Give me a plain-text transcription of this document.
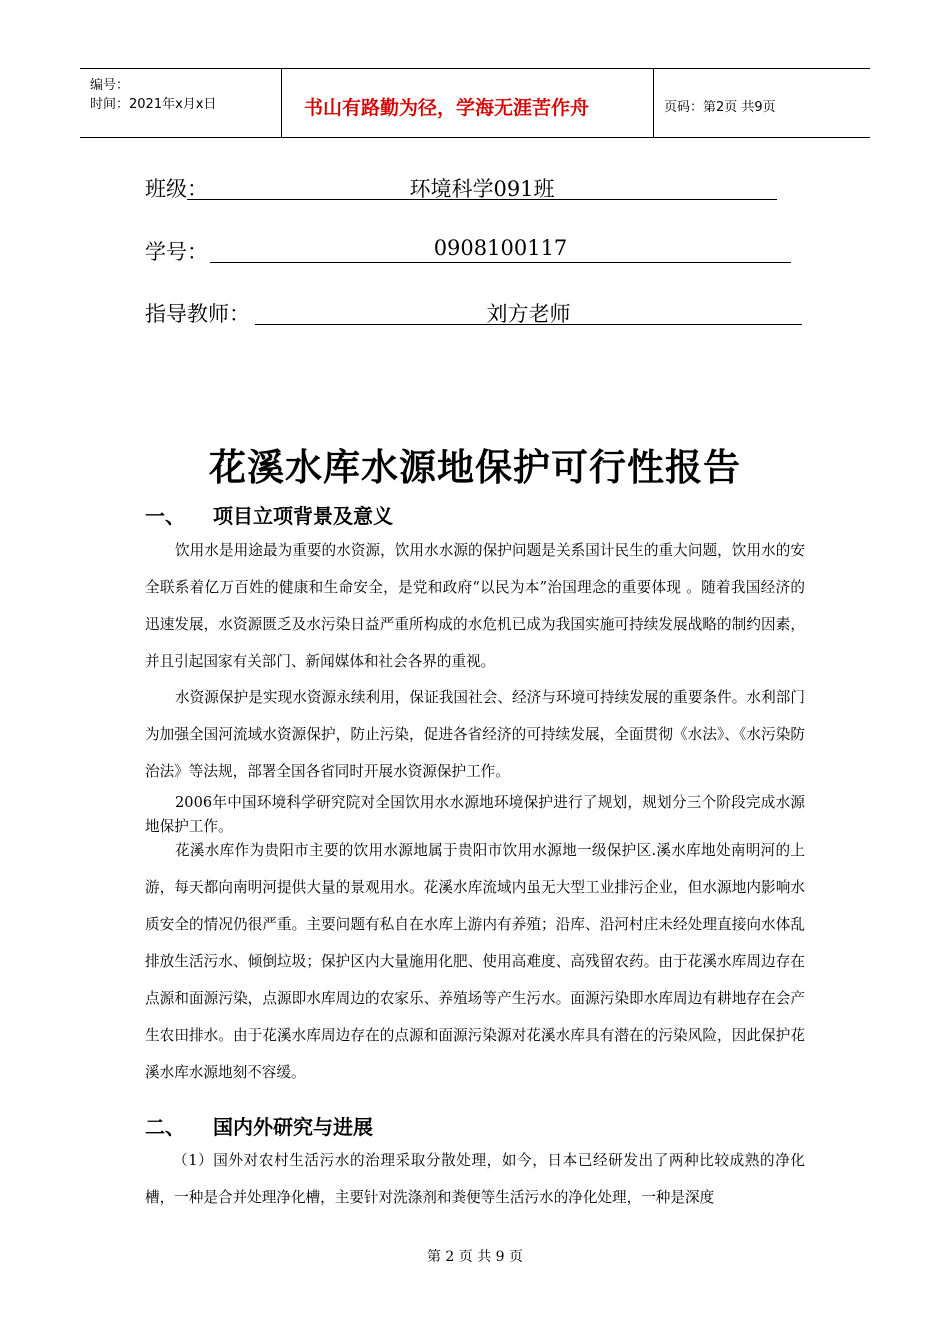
编号：
时间：2021年x月x日	书山有路勤为径，学海无涯苦作舟	页码：第2页 共9页
班级：	环境科学091班
学号：	0908100117
指导教师：	刘方老师
花溪水库水源地保护可行性报告
一、 项目立项背景及意义
饮用水是用途最为重要的水资源，饮用水水源的保护问题是关系国计民生的重大问题，饮用水的安全联系着亿万百姓的健康和生命安全，是党和政府“以民为本”治国理念的重要体现 。随着我国经济的迅速发展，水资源匮乏及水污染日益严重所构成的水危机已成为我国实施可持续发展战略的制约因素，并且引起国家有关部门、新闻媒体和社会各界的重视。
水资源保护是实现水资源永续利用，保证我国社会、经济与环境可持续发展的重要条件。水利部门为加强全国河流域水资源保护，防止污染，促进各省经济的可持续发展，全面贯彻《水法》、《水污染防治法》等法规，部署全国各省同时开展水资源保护工作。
2006年中国环境科学研究院对全国饮用水水源地环境保护进行了规划，规划分三个阶段完成水源地保护工作。
花溪水库作为贵阳市主要的饮用水源地属于贵阳市饮用水源地一级保护区.溪水库地处南明河的上游，每天都向南明河提供大量的景观用水。花溪水库流域内虽无大型工业排污企业，但水源地内影响水质安全的情况仍很严重。主要问题有私自在水库上游内有养殖；沿库、沿河村庄未经处理直接向水体乱排放生活污水、倾倒垃圾；保护区内大量施用化肥、使用高难度、高残留农药。由于花溪水库周边存在点源和面源污染，点源即水库周边的农家乐、养殖场等产生污水。面源污染即水库周边有耕地存在会产生农田排水。由于花溪水库周边存在的点源和面源污染源对花溪水库具有潜在的污染风险，因此保护花溪水库水源地刻不容缓。
二、 国内外研究与进展
（1）国外对农村生活污水的治理采取分散处理，如今，日本已经研发出了两种比较成熟的净化槽，一种是合并处理净化槽，主要针对洗涤剂和粪便等生活污水的净化处理，一种是深度
第 2 页 共 9 页
